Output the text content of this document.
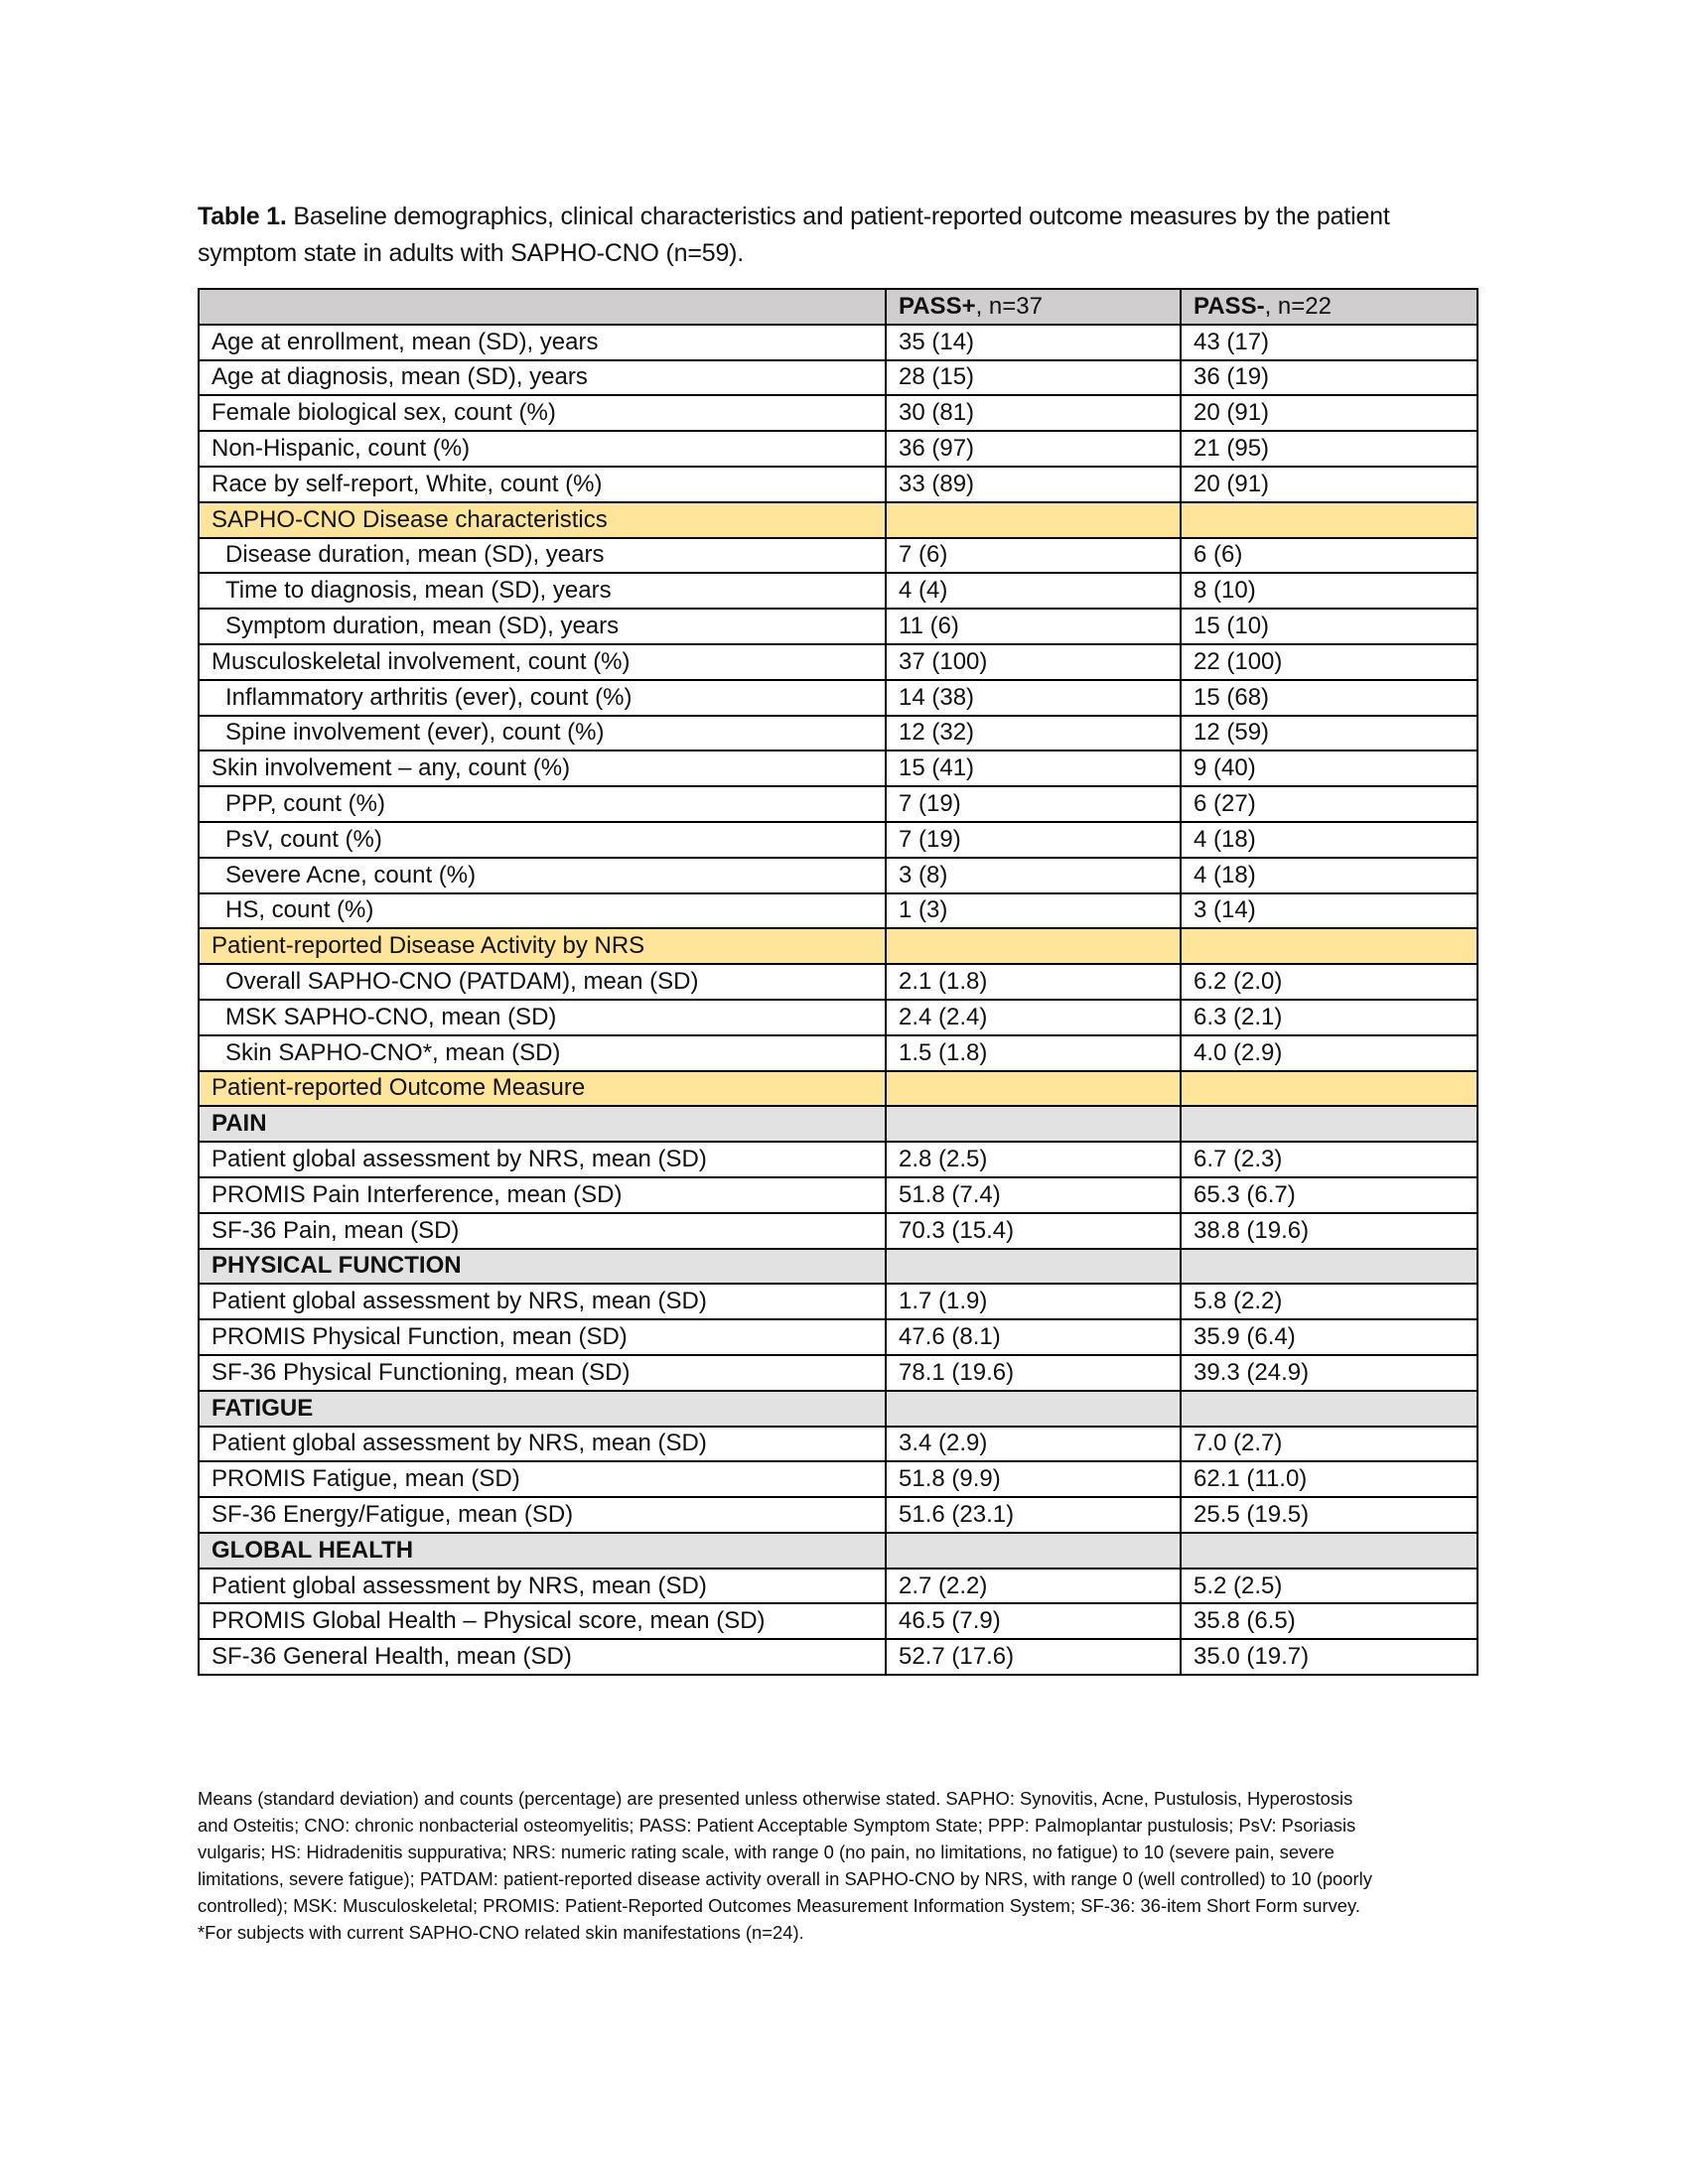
Table 1. Baseline demographics, clinical characteristics and patient-reported outcome measures by the patient symptom state in adults with SAPHO-CNO (n=59).
	PASS+, n=37	PASS-, n=22
Age at enrollment, mean (SD), years	35 (14)	43 (17)
Age at diagnosis, mean (SD), years	28 (15)	36 (19)
Female biological sex, count (%)	30 (81)	20 (91)
Non-Hispanic, count (%)	36 (97)	21 (95)
Race by self-report, White, count (%)	33 (89)	20 (91)
SAPHO-CNO Disease characteristics		
Disease duration, mean (SD), years	7 (6)	6 (6)
Time to diagnosis, mean (SD), years	4 (4)	8 (10)
Symptom duration, mean (SD), years	11 (6)	15 (10)
Musculoskeletal involvement, count (%)	37 (100)	22 (100)
Inflammatory arthritis (ever), count (%)	14 (38)	15 (68)
Spine involvement (ever), count (%)	12 (32)	12 (59)
Skin involvement – any, count (%)	15 (41)	9 (40)
PPP, count (%)	7 (19)	6 (27)
PsV, count (%)	7 (19)	4 (18)
Severe Acne, count (%)	3 (8)	4 (18)
HS, count (%)	1 (3)	3 (14)
Patient-reported Disease Activity by NRS		
Overall SAPHO-CNO (PATDAM), mean (SD)	2.1 (1.8)	6.2 (2.0)
MSK SAPHO-CNO, mean (SD)	2.4 (2.4)	6.3 (2.1)
Skin SAPHO-CNO*, mean (SD)	1.5 (1.8)	4.0 (2.9)
Patient-reported Outcome Measure		
PAIN		
Patient global assessment by NRS, mean (SD)	2.8 (2.5)	6.7 (2.3)
PROMIS Pain Interference, mean (SD)	51.8 (7.4)	65.3 (6.7)
SF-36 Pain, mean (SD)	70.3 (15.4)	38.8 (19.6)
PHYSICAL FUNCTION		
Patient global assessment by NRS, mean (SD)	1.7 (1.9)	5.8 (2.2)
PROMIS Physical Function, mean (SD)	47.6 (8.1)	35.9 (6.4)
SF-36 Physical Functioning, mean (SD)	78.1 (19.6)	39.3 (24.9)
FATIGUE		
Patient global assessment by NRS, mean (SD)	3.4 (2.9)	7.0 (2.7)
PROMIS Fatigue, mean (SD)	51.8 (9.9)	62.1 (11.0)
SF-36 Energy/Fatigue, mean (SD)	51.6 (23.1)	25.5 (19.5)
GLOBAL HEALTH		
Patient global assessment by NRS, mean (SD)	2.7 (2.2)	5.2 (2.5)
PROMIS Global Health – Physical score, mean (SD)	46.5 (7.9)	35.8 (6.5)
SF-36 General Health, mean (SD)	52.7 (17.6)	35.0 (19.7)
Means (standard deviation) and counts (percentage) are presented unless otherwise stated. SAPHO: Synovitis, Acne, Pustulosis, Hyperostosis
and Osteitis; CNO: chronic nonbacterial osteomyelitis; PASS: Patient Acceptable Symptom State; PPP: Palmoplantar pustulosis; PsV: Psoriasis
vulgaris; HS: Hidradenitis suppurativa; NRS: numeric rating scale, with range 0 (no pain, no limitations, no fatigue) to 10 (severe pain, severe
limitations, severe fatigue); PATDAM: patient-reported disease activity overall in SAPHO-CNO by NRS, with range 0 (well controlled) to 10 (poorly
controlled); MSK: Musculoskeletal; PROMIS: Patient-Reported Outcomes Measurement Information System; SF-36: 36-item Short Form survey.
*For subjects with current SAPHO-CNO related skin manifestations (n=24).
